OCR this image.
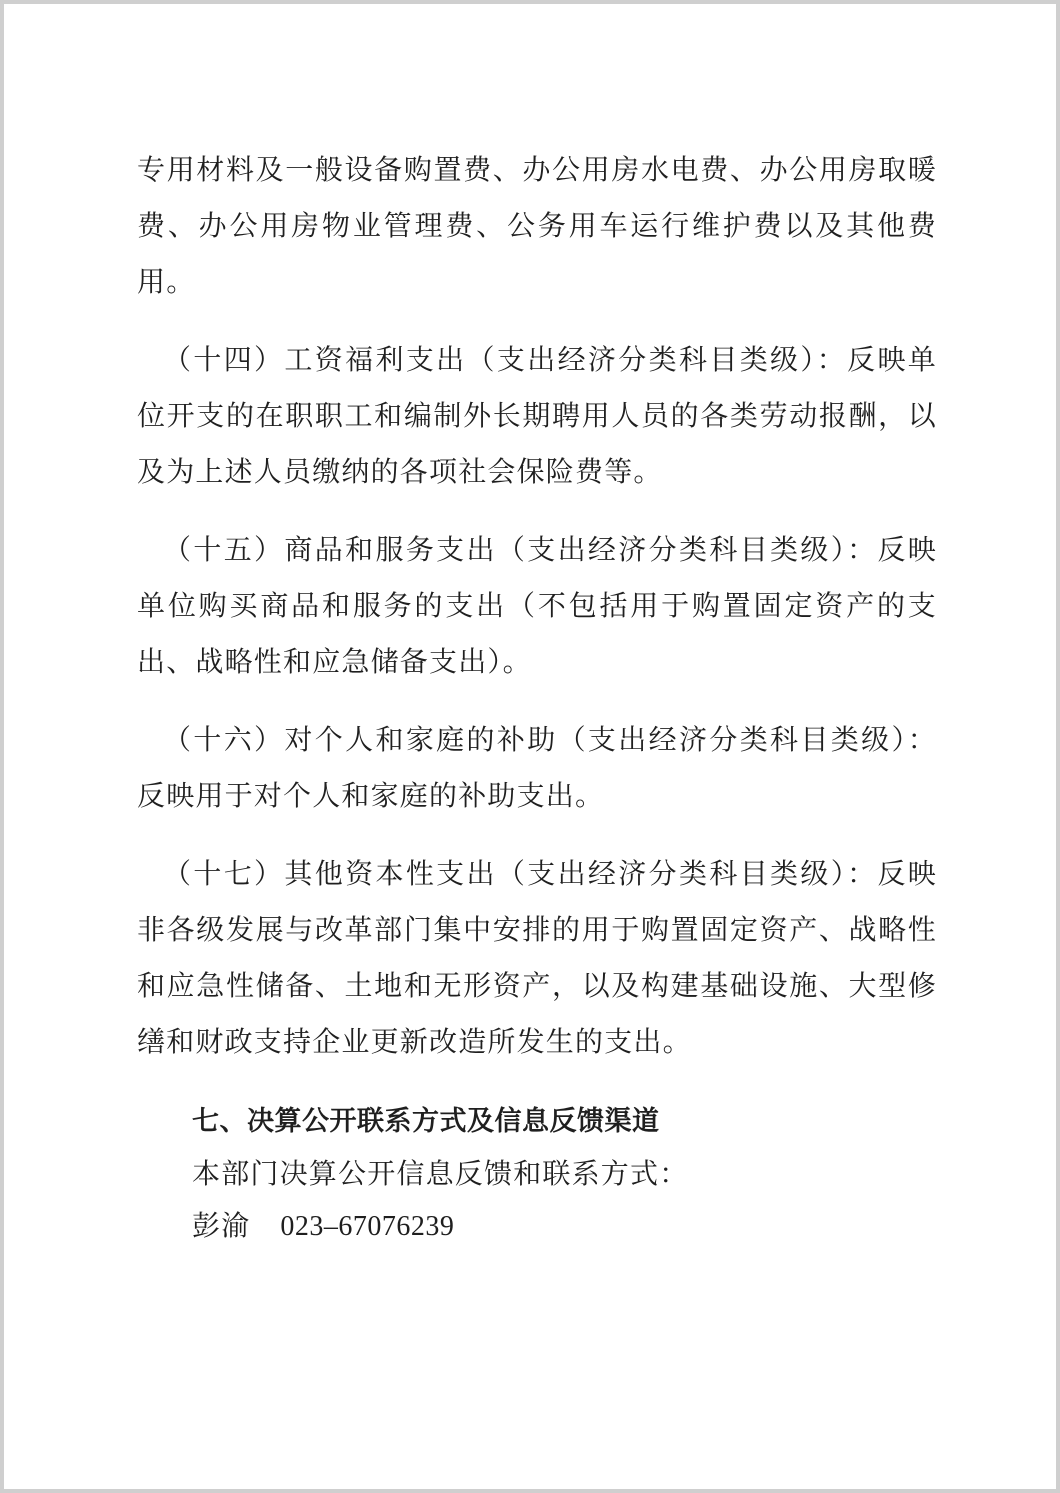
专用材料及一般设备购置费、办公用房水电费、办公用房取暖费、办公用房物业管理费、公务用车运行维护费以及其他费用。

（十四）工资福利支出（支出经济分类科目类级）：反映单位开支的在职职工和编制外长期聘用人员的各类劳动报酬，以及为上述人员缴纳的各项社会保险费等。

（十五）商品和服务支出（支出经济分类科目类级）：反映单位购买商品和服务的支出（不包括用于购置固定资产的支出、战略性和应急储备支出）。

（十六）对个人和家庭的补助（支出经济分类科目类级）：反映用于对个人和家庭的补助支出。

（十七）其他资本性支出（支出经济分类科目类级）：反映非各级发展与改革部门集中安排的用于购置固定资产、战略性和应急性储备、土地和无形资产，以及构建基础设施、大型修缮和财政支持企业更新改造所发生的支出。

七、决算公开联系方式及信息反馈渠道

本部门决算公开信息反馈和联系方式：

彭渝 023–67076239
